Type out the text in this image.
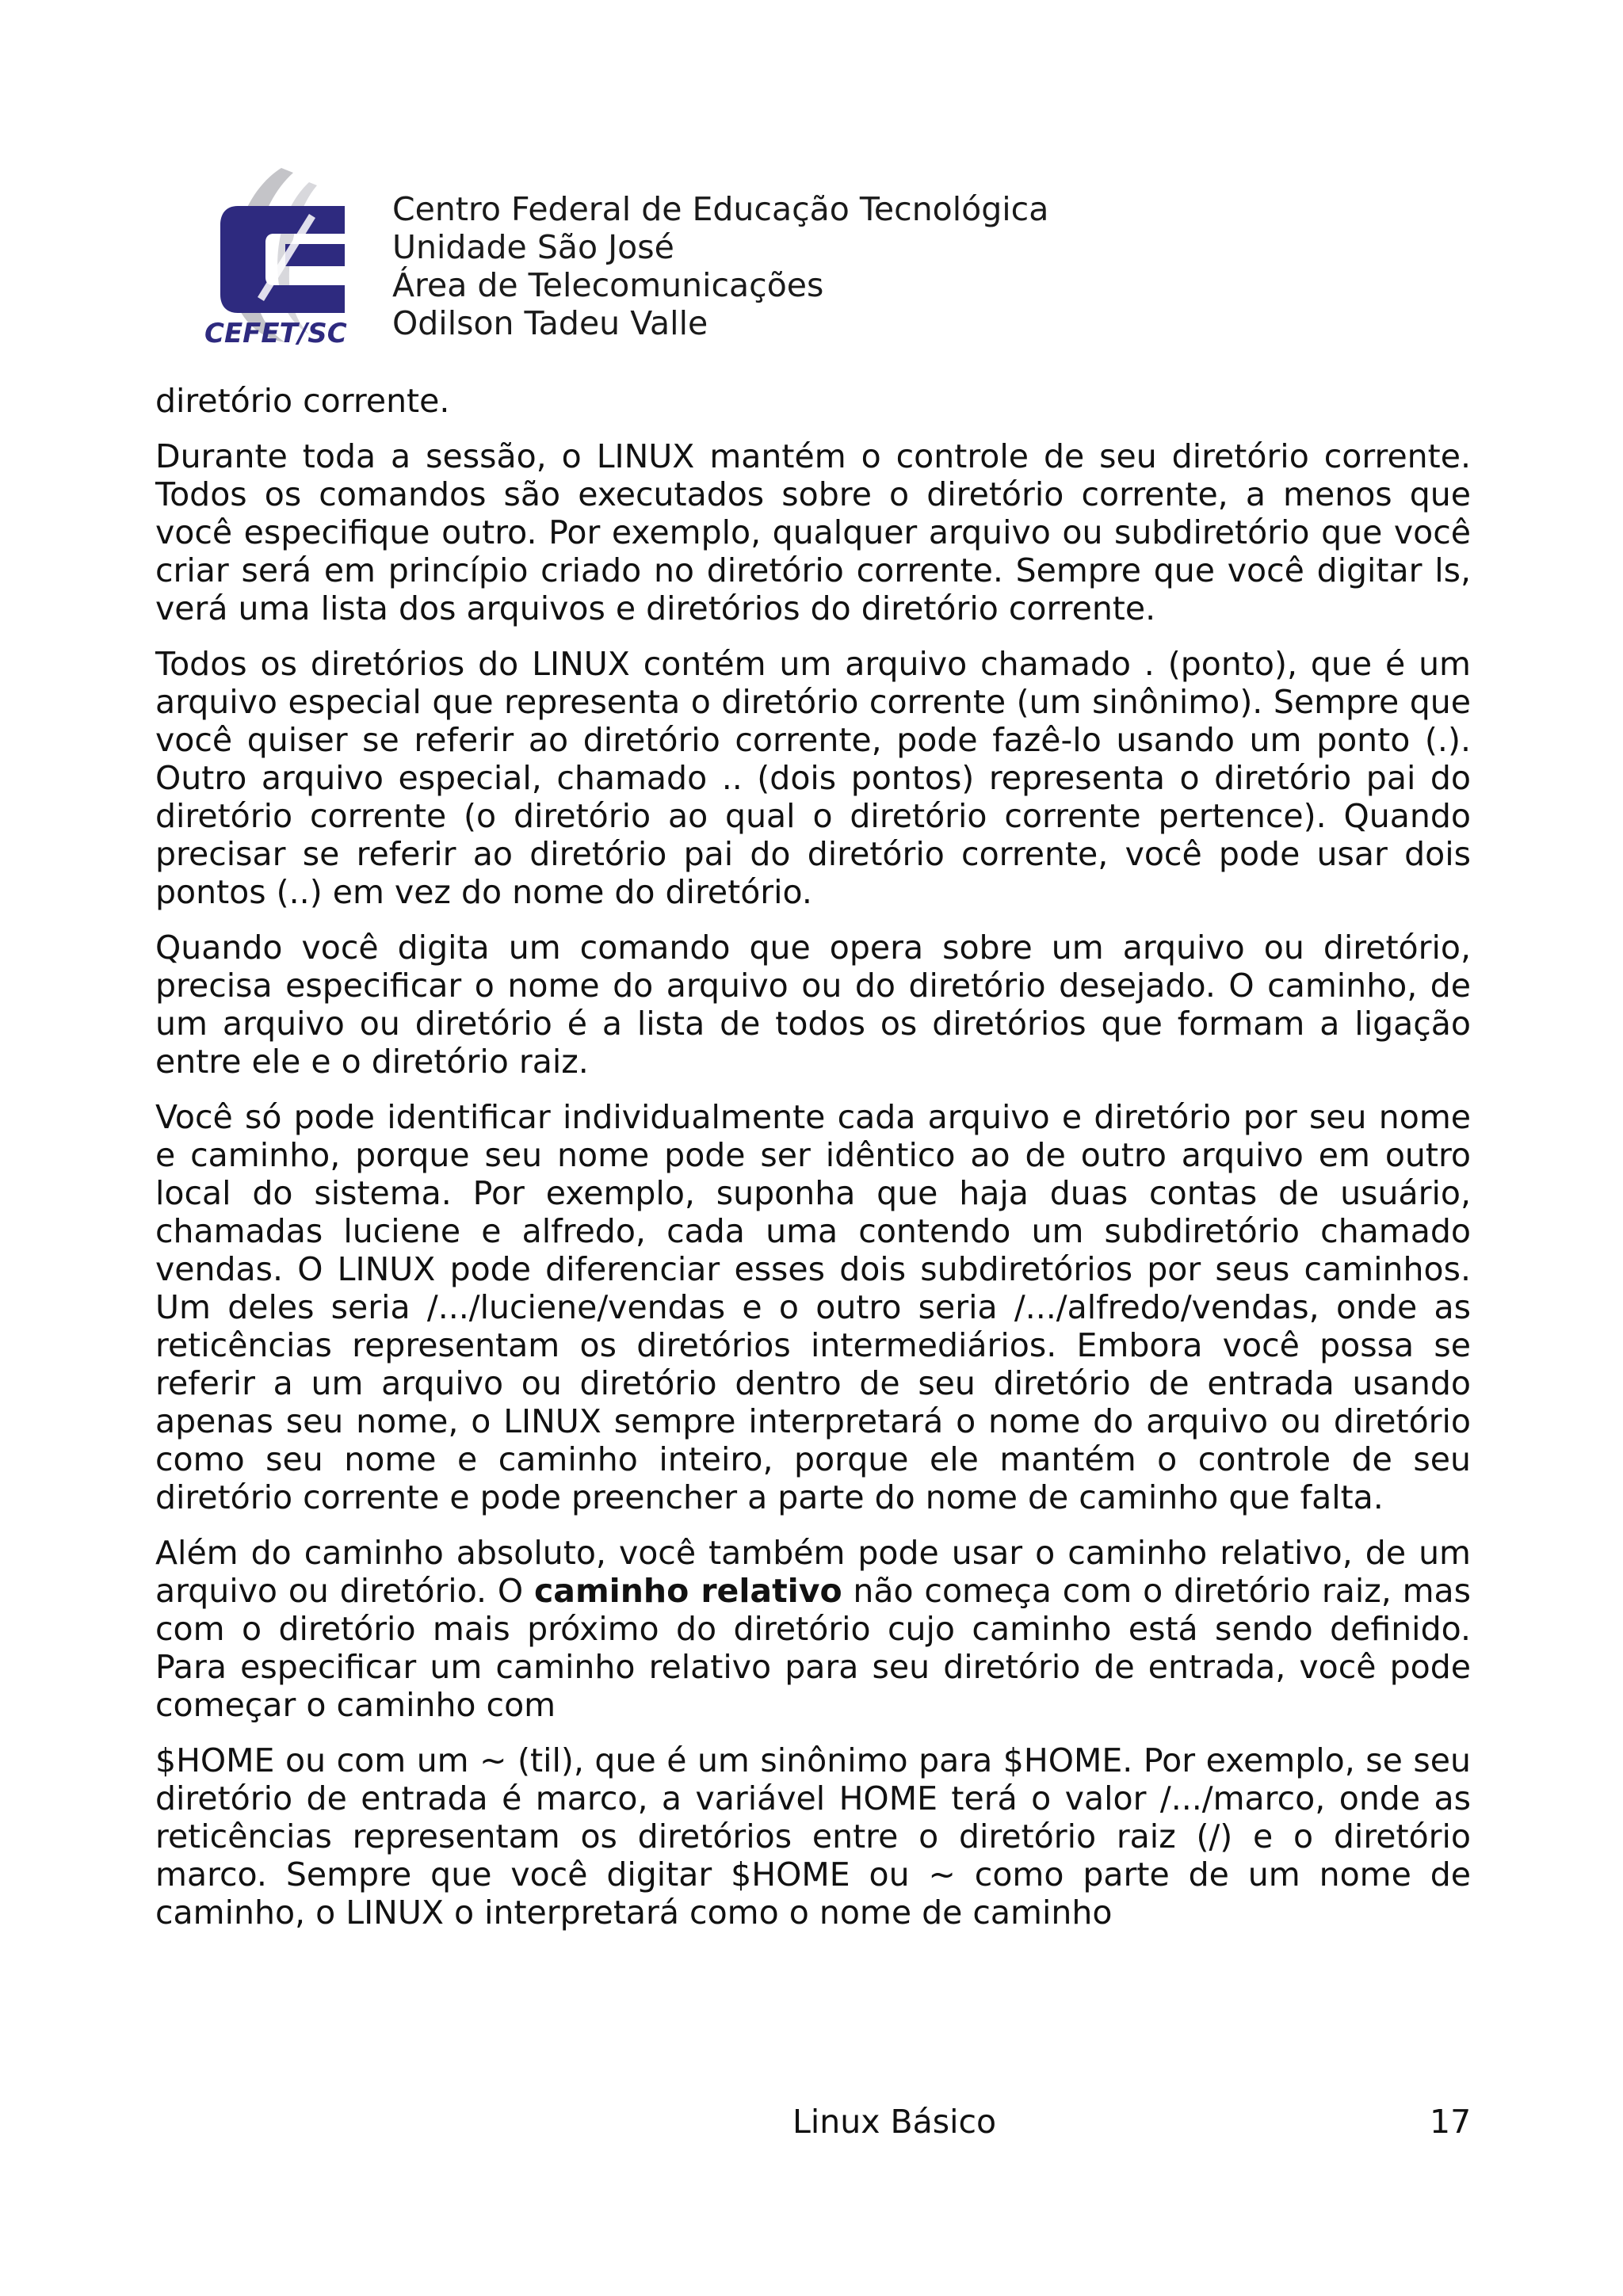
CEFET/SC
Centro Federal de Educação Tecnológica
Unidade São José
Área de Telecomunicações
Odilson Tadeu Valle

diretório corrente.

Durante toda a sessão, o LINUX mantém o controle de seu diretório corrente. Todos os comandos são executados sobre o diretório corrente, a menos que você especifique outro. Por exemplo, qualquer arquivo ou subdiretório que você criar será em princípio criado no diretório corrente. Sempre que você digitar ls, verá uma lista dos arquivos e diretórios do diretório corrente.

Todos os diretórios do LINUX contém um arquivo chamado . (ponto), que é um arquivo especial que representa o diretório corrente (um sinônimo). Sempre que você quiser se referir ao diretório corrente, pode fazê-lo usando um ponto (.). Outro arquivo especial, chamado .. (dois pontos) representa o diretório pai do diretório corrente (o diretório ao qual o diretório corrente pertence). Quando precisar se referir ao diretório pai do diretório corrente, você pode usar dois pontos (..) em vez do nome do diretório.

Quando você digita um comando que opera sobre um arquivo ou diretório, precisa especificar o nome do arquivo ou do diretório desejado. O caminho, de um arquivo ou diretório é a lista de todos os diretórios que formam a ligação entre ele e o diretório raiz.

Você só pode identificar individualmente cada arquivo e diretório por seu nome e caminho, porque seu nome pode ser idêntico ao de outro arquivo em outro local do sistema. Por exemplo, suponha que haja duas contas de usuário, chamadas luciene e alfredo, cada uma contendo um subdiretório chamado vendas. O LINUX pode diferenciar esses dois subdiretórios por seus caminhos. Um deles seria /.../luciene/vendas e o outro seria /.../alfredo/vendas, onde as reticências representam os diretórios intermediários. Embora você possa se referir a um arquivo ou diretório dentro de seu diretório de entrada usando apenas seu nome, o LINUX sempre interpretará o nome do arquivo ou diretório como seu nome e caminho inteiro, porque ele mantém o controle de seu diretório corrente e pode preencher a parte do nome de caminho que falta.

Além do caminho absoluto, você também pode usar o caminho relativo, de um arquivo ou diretório. O caminho relativo não começa com o diretório raiz, mas com o diretório mais próximo do diretório cujo caminho está sendo definido. Para especificar um caminho relativo para seu diretório de entrada, você pode começar o caminho com

$HOME ou com um ~ (til), que é um sinônimo para $HOME. Por exemplo, se seu diretório de entrada é marco, a variável HOME terá o valor /.../marco, onde as reticências representam os diretórios entre o diretório raiz (/) e o diretório marco. Sempre que você digitar $HOME ou ~ como parte de um nome de caminho, o LINUX o interpretará como o nome de caminho

Linux Básico	17
